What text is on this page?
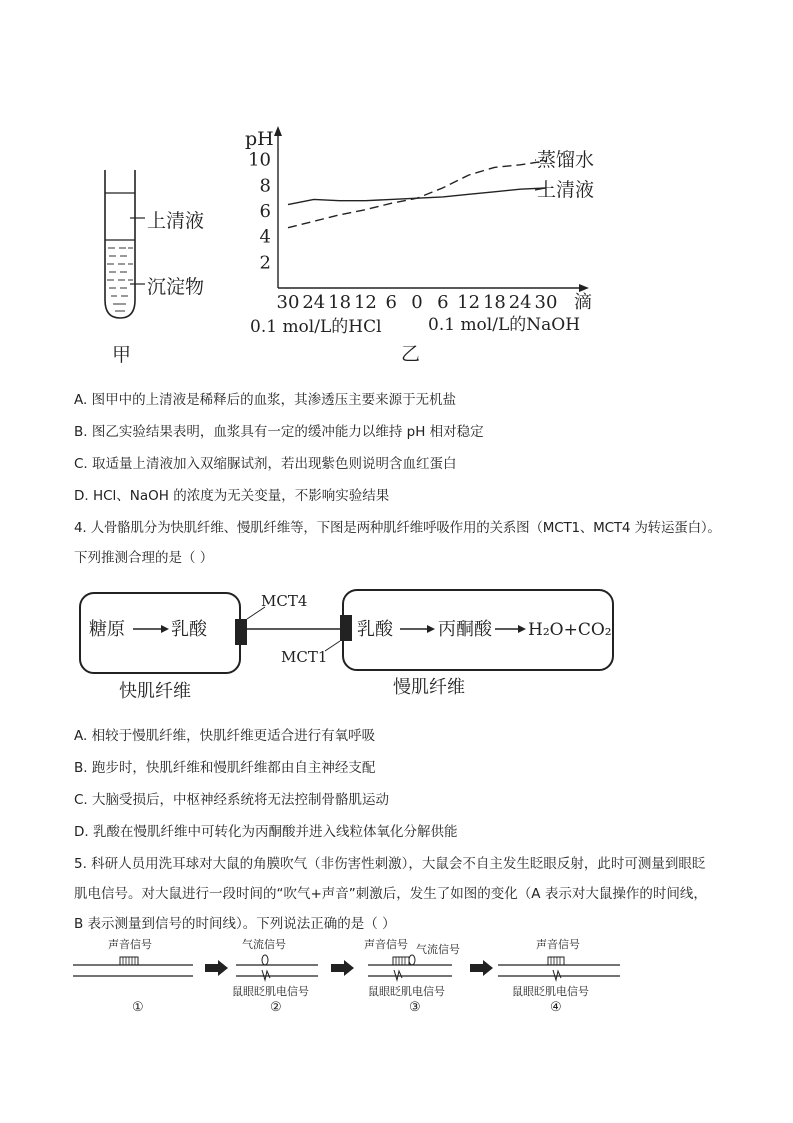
上清液
沉淀物
甲
pH
2
4
6
8
10
30 24 18 12 6 0 6 12 18 24 30 滴
0.1 mol/L的HCl	0.1 mol/L的NaOH
蒸馏水
上清液
乙
A. 图甲中的上清液是稀释后的血浆，其渗透压主要来源于无机盐
B. 图乙实验结果表明，血浆具有一定的缓冲能力以维持 pH 相对稳定
C. 取适量上清液加入双缩脲试剂，若出现紫色则说明含血红蛋白
D. HCl、NaOH 的浓度为无关变量，不影响实验结果
4. 人骨骼肌分为快肌纤维、慢肌纤维等，下图是两种肌纤维呼吸作用的关系图（MCT1、MCT4 为转运蛋白）。
下列推测合理的是（ ）
糖原	乳酸
MCT4
MCT1
乳酸	丙酮酸 H₂O+CO₂
快肌纤维	慢肌纤维
A. 相较于慢肌纤维，快肌纤维更适合进行有氧呼吸
B. 跑步时，快肌纤维和慢肌纤维都由自主神经支配
C. 大脑受损后，中枢神经系统将无法控制骨骼肌运动
D. 乳酸在慢肌纤维中可转化为丙酮酸并进入线粒体氧化分解供能
5. 科研人员用洗耳球对大鼠的角膜吹气（非伤害性刺激），大鼠会不自主发生眨眼反射，此时可测量到眼眨
肌电信号。对大鼠进行一段时间的“吹气+声音”刺激后，发生了如图的变化（A 表示对大鼠操作的时间线，
B 表示测量到信号的时间线）。下列说法正确的是（ ）
声音信号
①
气流信号
鼠眼眨肌电信号
②
声音信号 气流信号
鼠眼眨肌电信号
③
声音信号
鼠眼眨肌电信号
④
